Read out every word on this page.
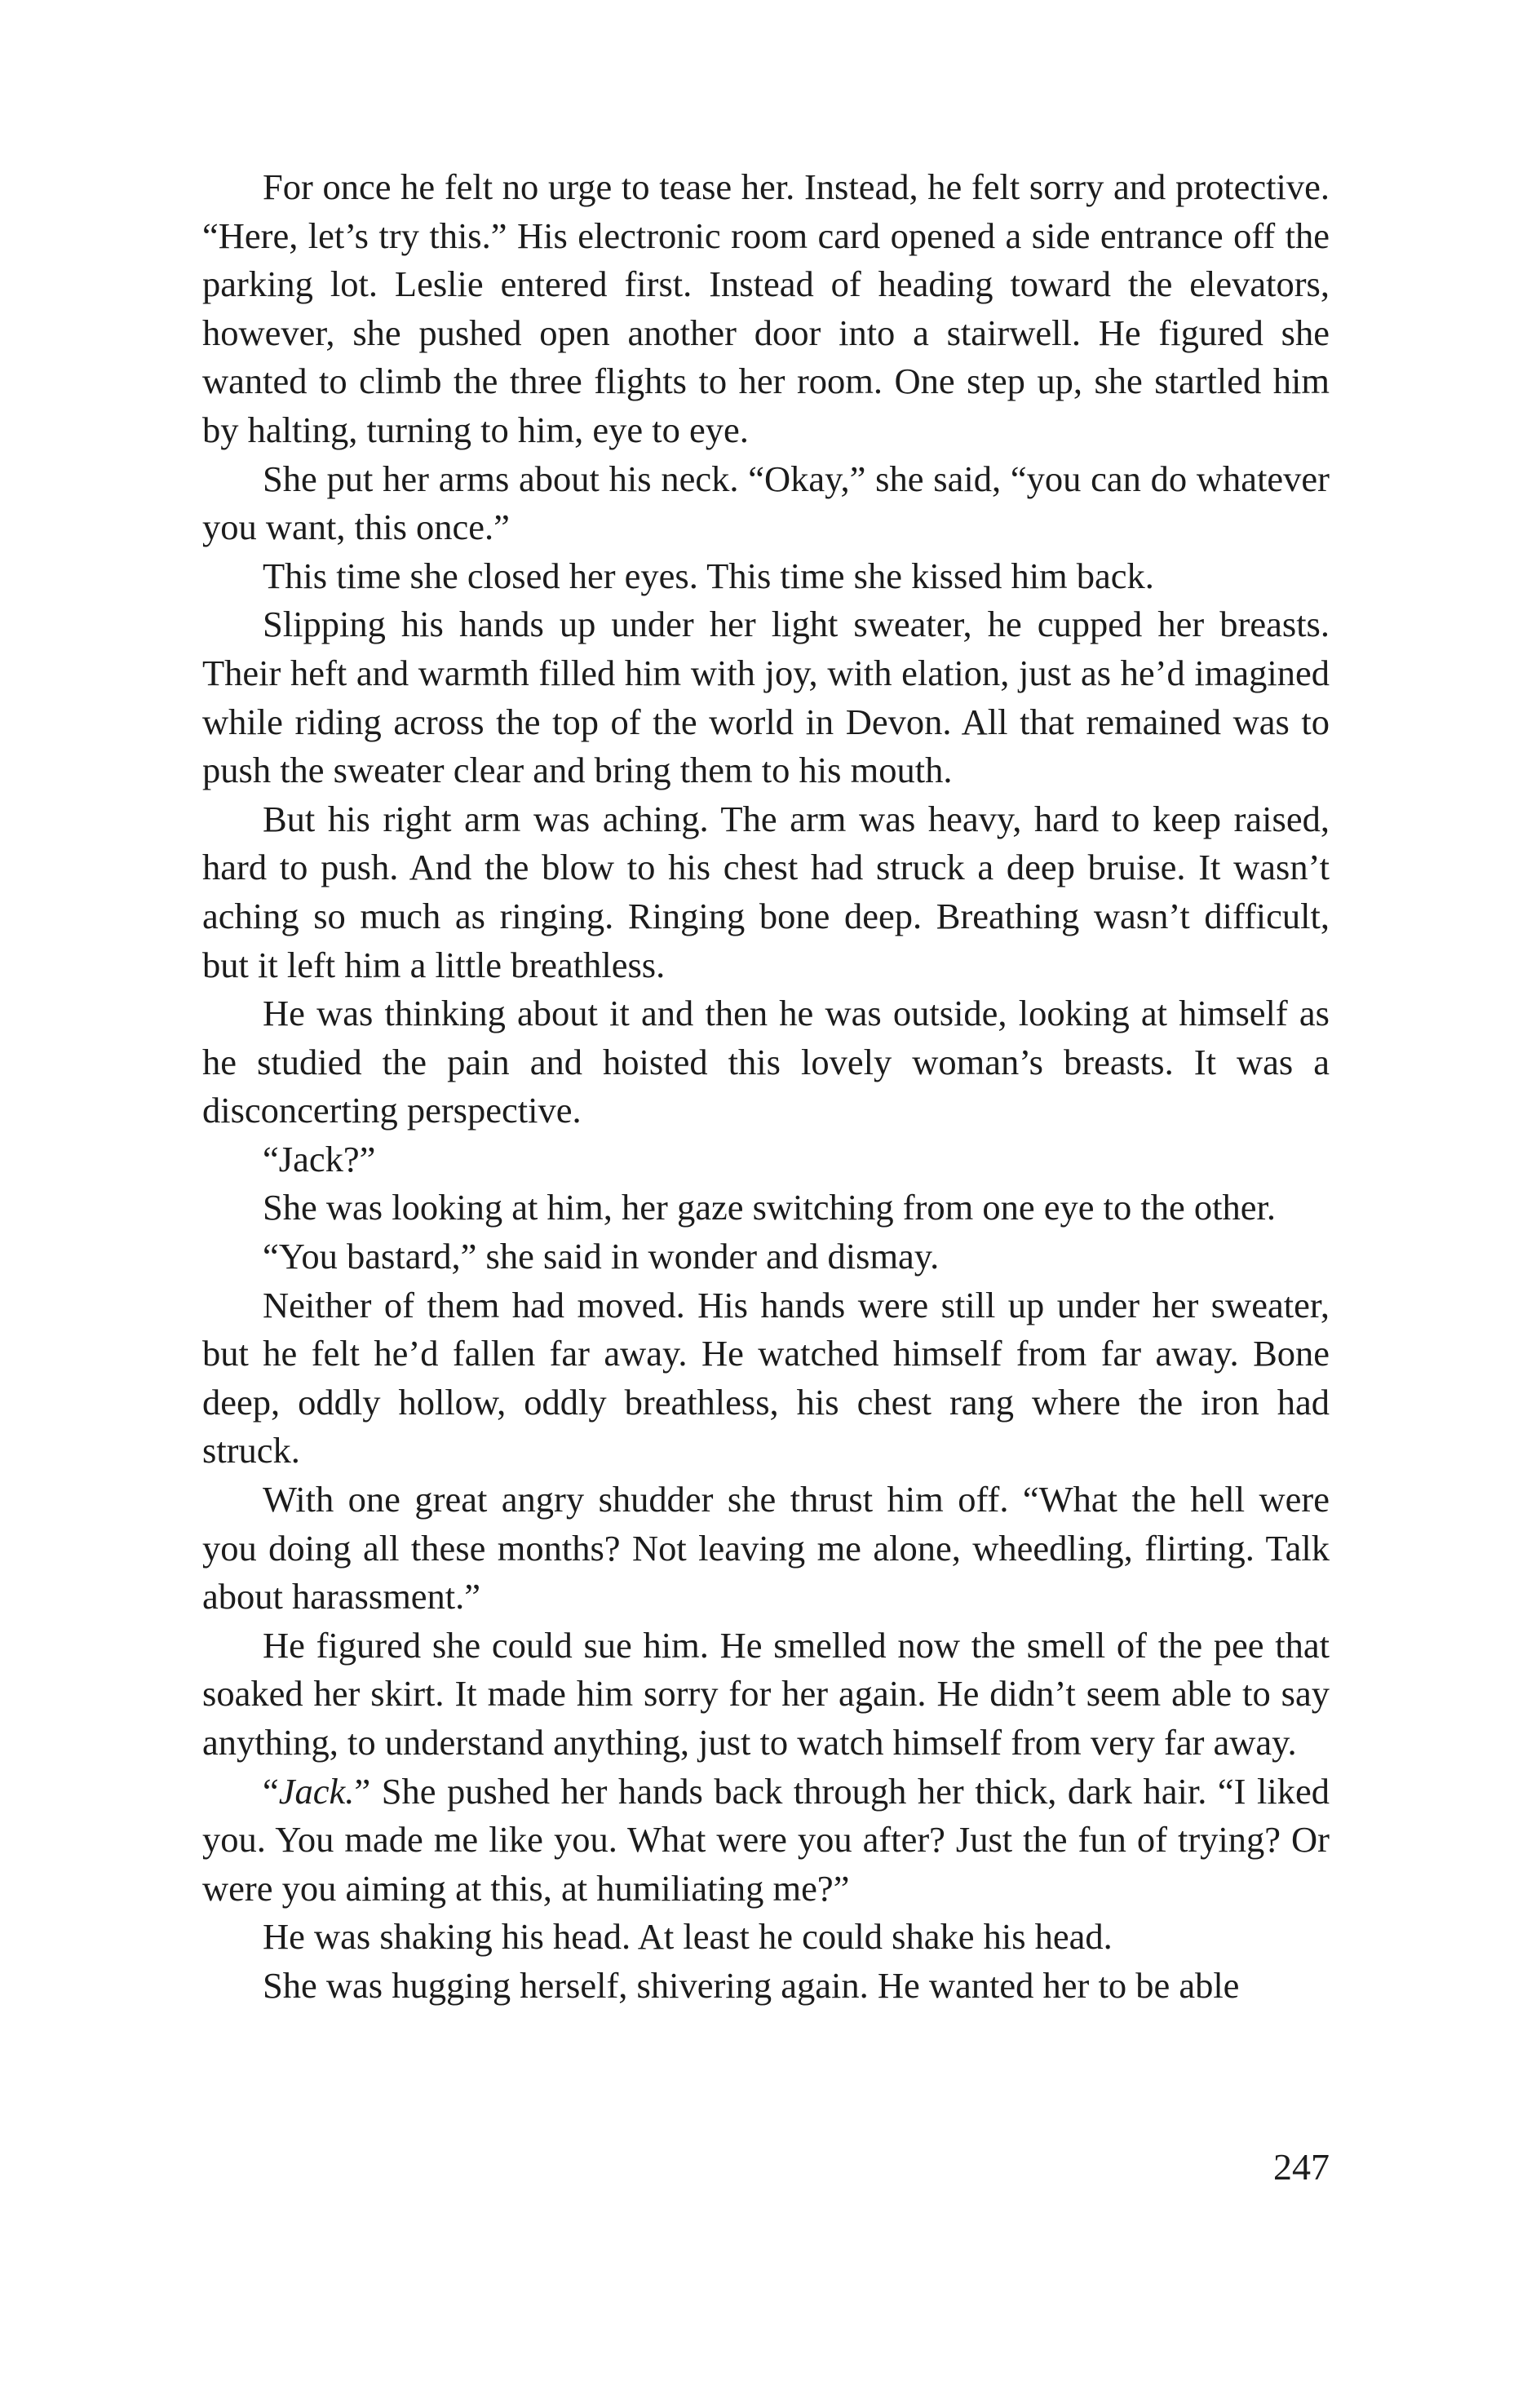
For once he felt no urge to tease her. Instead, he felt sorry and protective. “Here, let’s try this.” His electronic room card opened a side entrance off the parking lot. Leslie entered first. Instead of heading toward the elevators, however, she pushed open another door into a stairwell. He figured she wanted to climb the three flights to her room. One step up, she startled him by halting, turning to him, eye to eye.

She put her arms about his neck. “Okay,” she said, “you can do whatever you want, this once.”

This time she closed her eyes. This time she kissed him back.

Slipping his hands up under her light sweater, he cupped her breasts. Their heft and warmth filled him with joy, with elation, just as he’d imagined while riding across the top of the world in Devon. All that remained was to push the sweater clear and bring them to his mouth.

But his right arm was aching. The arm was heavy, hard to keep raised, hard to push. And the blow to his chest had struck a deep bruise. It wasn’t aching so much as ringing. Ringing bone deep. Breathing wasn’t difficult, but it left him a little breathless.

He was thinking about it and then he was outside, looking at himself as he studied the pain and hoisted this lovely woman’s breasts. It was a disconcerting perspective.

“Jack?”

She was looking at him, her gaze switching from one eye to the other.

“You bastard,” she said in wonder and dismay.

Neither of them had moved. His hands were still up under her sweater, but he felt he’d fallen far away. He watched himself from far away. Bone deep, oddly hollow, oddly breathless, his chest rang where the iron had struck.

With one great angry shudder she thrust him off. “What the hell were you doing all these months? Not leaving me alone, wheedling, flirting. Talk about harassment.”

He figured she could sue him. He smelled now the smell of the pee that soaked her skirt. It made him sorry for her again. He didn’t seem able to say anything, to understand anything, just to watch himself from very far away.

“Jack.” She pushed her hands back through her thick, dark hair. “I liked you. You made me like you. What were you after? Just the fun of trying? Or were you aiming at this, at humiliating me?”

He was shaking his head. At least he could shake his head.

She was hugging herself, shivering again. He wanted her to be able

247
